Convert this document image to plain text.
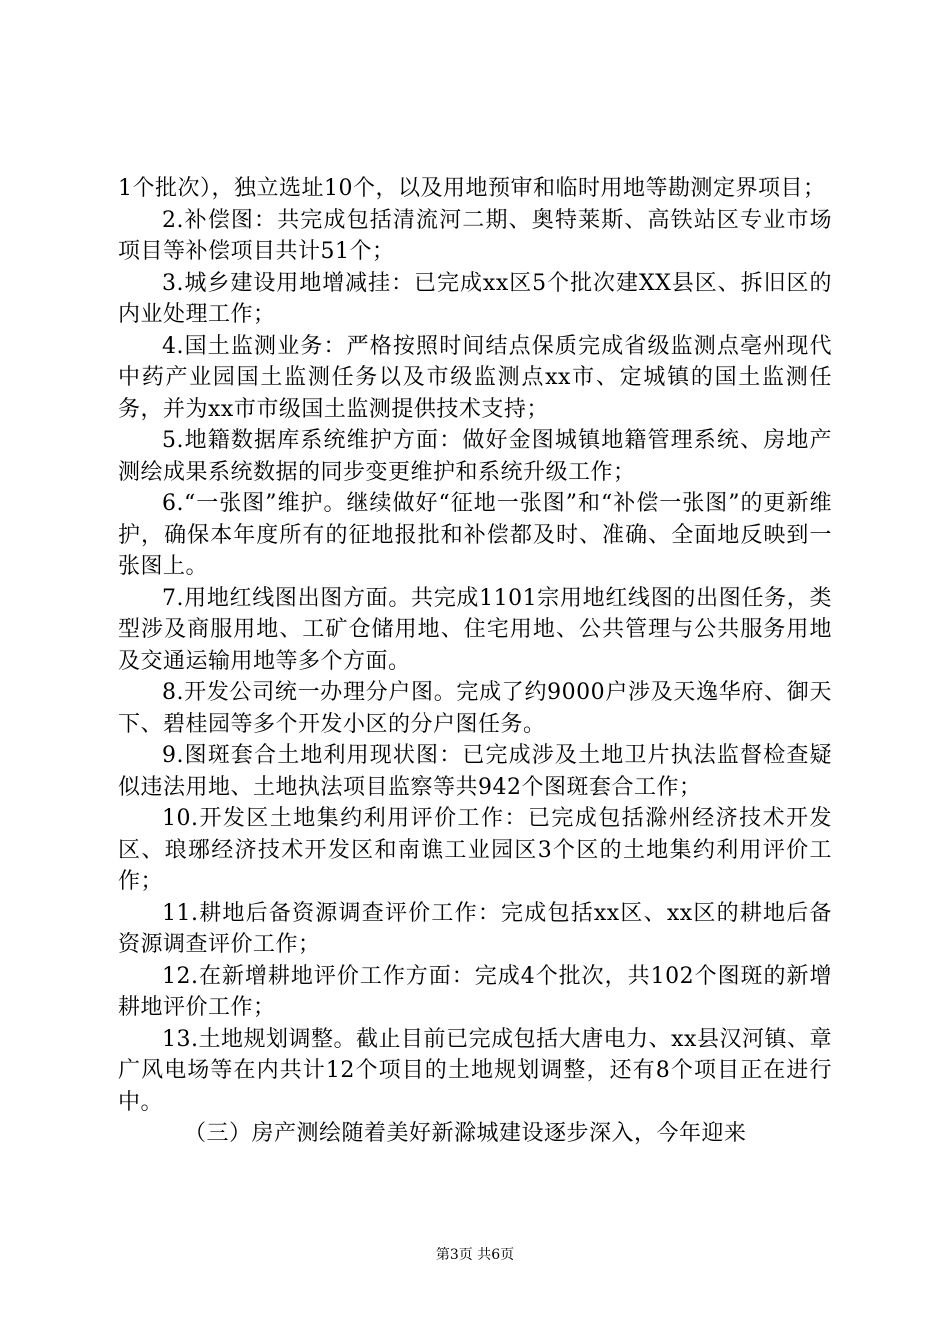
1个批次），独立选址10个，以及用地预审和临时用地等勘测定界项目；

2.补偿图：共完成包括清流河二期、奥特莱斯、高铁站区专业市场项目等补偿项目共计51个；

3.城乡建设用地增减挂：已完成xx区5个批次建XX县区、拆旧区的内业处理工作；

4.国土监测业务：严格按照时间结点保质完成省级监测点亳州现代中药产业园国土监测任务以及市级监测点xx市、定城镇的国土监测任务，并为xx市市级国土监测提供技术支持；

5.地籍数据库系统维护方面：做好金图城镇地籍管理系统、房地产测绘成果系统数据的同步变更维护和系统升级工作；

6.“一张图”维护。继续做好“征地一张图”和“补偿一张图”的更新维护，确保本年度所有的征地报批和补偿都及时、准确、全面地反映到一张图上。

7.用地红线图出图方面。共完成1101宗用地红线图的出图任务，类型涉及商服用地、工矿仓储用地、住宅用地、公共管理与公共服务用地及交通运输用地等多个方面。

8.开发公司统一办理分户图。完成了约9000户涉及天逸华府、御天下、碧桂园等多个开发小区的分户图任务。

9.图斑套合土地利用现状图：已完成涉及土地卫片执法监督检查疑似违法用地、土地执法项目监察等共942个图斑套合工作；

10.开发区土地集约利用评价工作：已完成包括滁州经济技术开发区、琅琊经济技术开发区和南谯工业园区3个区的土地集约利用评价工作；

11.耕地后备资源调查评价工作：完成包括xx区、xx区的耕地后备资源调查评价工作；

12.在新增耕地评价工作方面：完成4个批次，共102个图斑的新增耕地评价工作；

13.土地规划调整。截止目前已完成包括大唐电力、xx县汉河镇、章广风电场等在内共计12个项目的土地规划调整，还有8个项目正在进行中。

（三）房产测绘随着美好新滁城建设逐步深入，今年迎来

第3页 共6页
